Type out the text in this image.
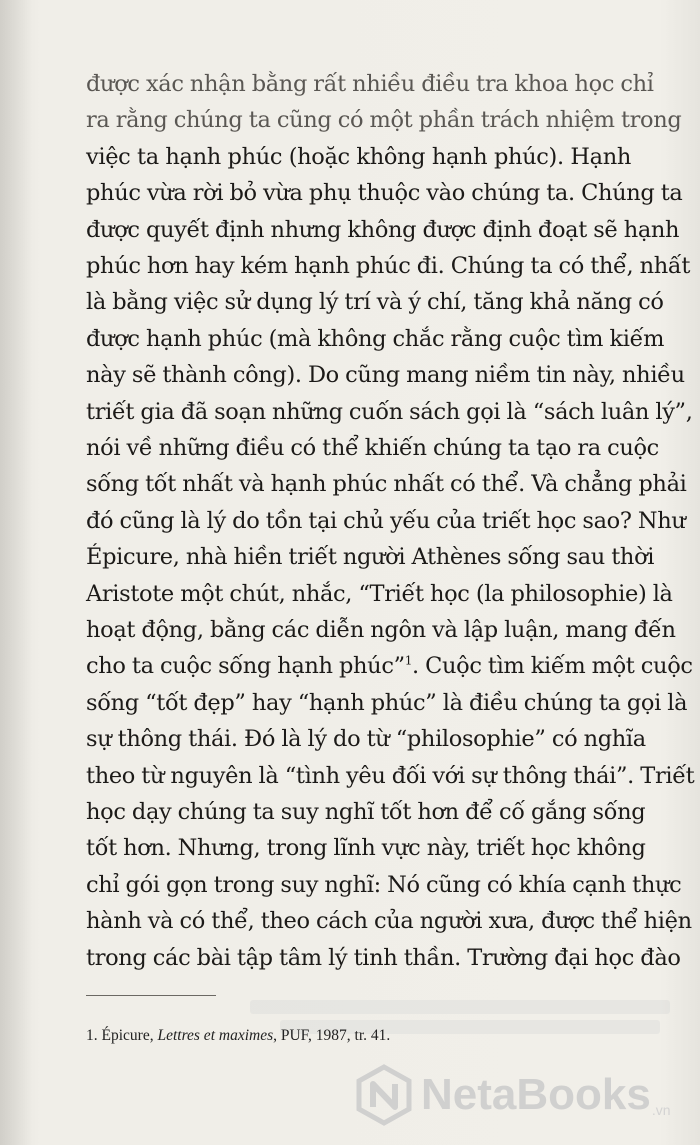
được xác nhận bằng rất nhiều điều tra khoa học chỉ
ra rằng chúng ta cũng có một phần trách nhiệm trong
việc ta hạnh phúc (hoặc không hạnh phúc). Hạnh
phúc vừa rời bỏ vừa phụ thuộc vào chúng ta. Chúng ta
được quyết định nhưng không được định đoạt sẽ hạnh
phúc hơn hay kém hạnh phúc đi. Chúng ta có thể, nhất
là bằng việc sử dụng lý trí và ý chí, tăng khả năng có
được hạnh phúc (mà không chắc rằng cuộc tìm kiếm
này sẽ thành công). Do cũng mang niềm tin này, nhiều
triết gia đã soạn những cuốn sách gọi là “sách luân lý”,
nói về những điều có thể khiến chúng ta tạo ra cuộc
sống tốt nhất và hạnh phúc nhất có thể. Và chẳng phải
đó cũng là lý do tồn tại chủ yếu của triết học sao? Như
Épicure, nhà hiền triết người Athènes sống sau thời
Aristote một chút, nhắc, “Triết học (la philosophie) là
hoạt động, bằng các diễn ngôn và lập luận, mang đến
cho ta cuộc sống hạnh phúc”$^1$. Cuộc tìm kiếm một cuộc
sống “tốt đẹp” hay “hạnh phúc” là điều chúng ta gọi là
sự thông thái. Đó là lý do từ “philosophie” có nghĩa
theo từ nguyên là “tình yêu đối với sự thông thái”. Triết
học dạy chúng ta suy nghĩ tốt hơn để cố gắng sống
tốt hơn. Nhưng, trong lĩnh vực này, triết học không
chỉ gói gọn trong suy nghĩ: Nó cũng có khía cạnh thực
hành và có thể, theo cách của người xưa, được thể hiện
trong các bài tập tâm lý tinh thần. Trường đại học đào
1. Épicure, Lettres et maximes, PUF, 1987, tr. 41.
NetaBooks .vn
